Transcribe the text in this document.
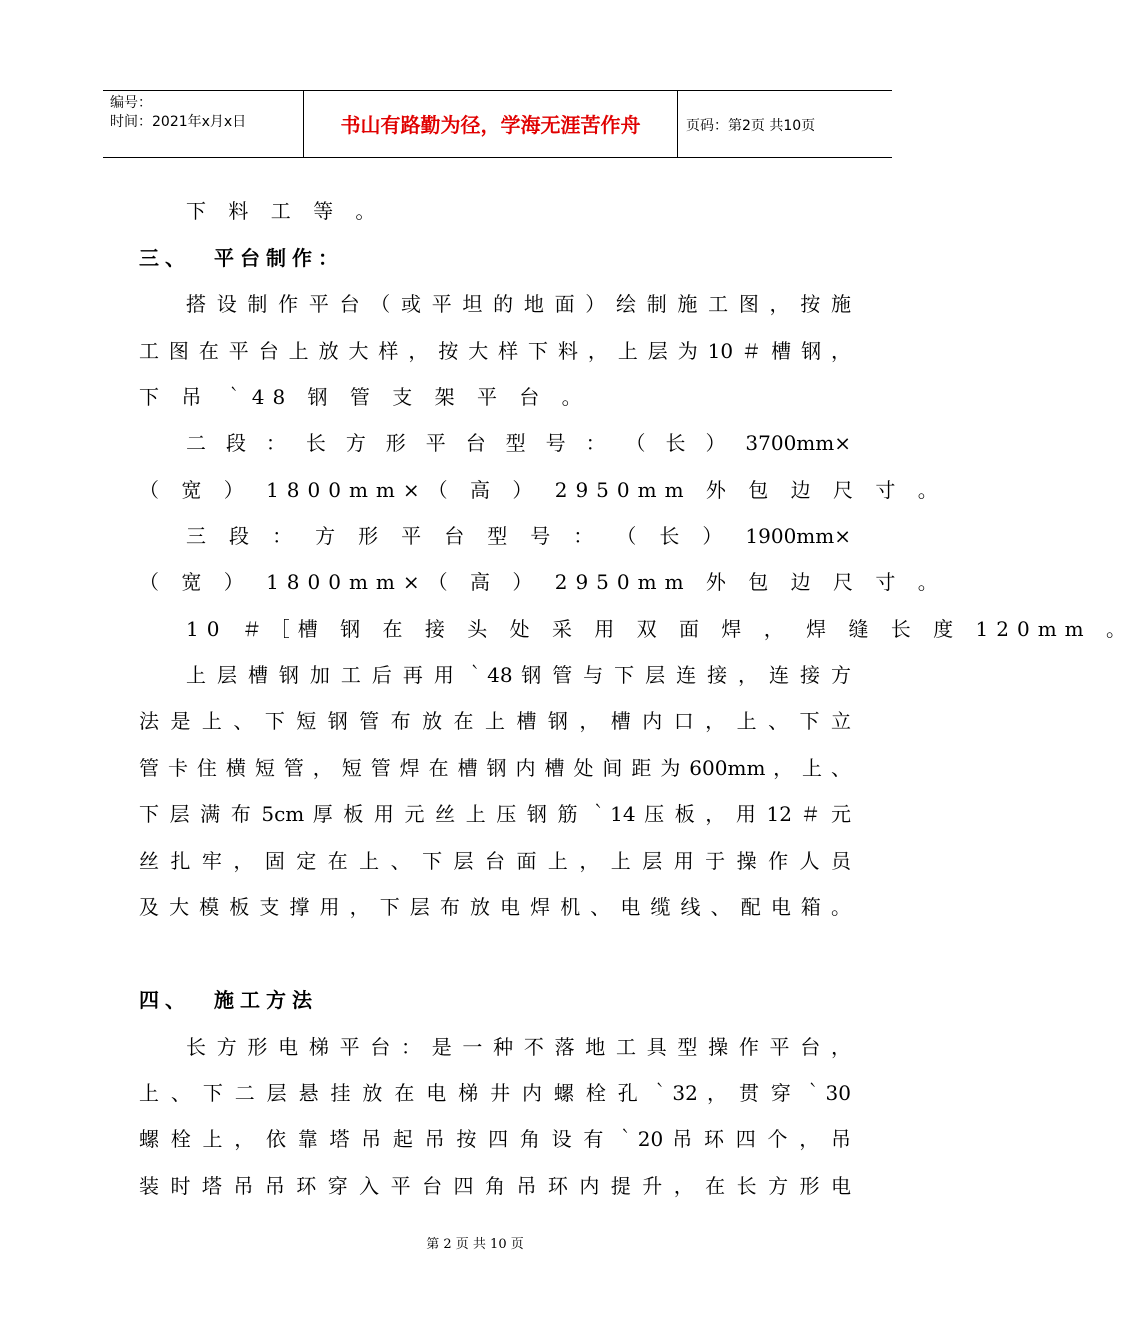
编号：
时间：2021年x月x日	书山有路勤为径，学海无涯苦作舟	页码：第2页 共10页
下 料 工 等 。
三、 平台制作：
搭 设 制 作 平 台 （ 或 平 坦 的 地 面 ） 绘 制 施 工 图 ， 按 施
工 图 在 平 台 上 放 大 样 ， 按 大 样 下 料 ， 上 层 为 10 ＃ 槽 钢 ，
下 吊 ｀48 钢 管 支 架 平 台 。
二 段 ： 长 方 形 平 台 型 号 ： （ 长 ） 3700mm×
（ 宽 ） 1800mm×（ 高 ） 2950mm 外 包 边 尺 寸 。
三 段 ： 方 形 平 台 型 号 ： （ 长 ） 1900mm×
（ 宽 ） 1800mm×（ 高 ） 2950mm 外 包 边 尺 寸 。
10 ＃［槽 钢 在 接 头 处 采 用 双 面 焊 ， 焊 缝 长 度 120mm 。
上 层 槽 钢 加 工 后 再 用 ｀48 钢 管 与 下 层 连 接 ， 连 接 方
法 是 上 、 下 短 钢 管 布 放 在 上 槽 钢 ， 槽 内 口 ， 上 、 下 立
管 卡 住 横 短 管 ， 短 管 焊 在 槽 钢 内 槽 处 间 距 为 600mm ， 上 、
下 层 满 布 5cm 厚 板 用 元 丝 上 压 钢 筋 ｀14 压 板 ， 用 12 ＃ 元
丝 扎 牢 ， 固 定 在 上 、 下 层 台 面 上 ， 上 层 用 于 操 作 人 员
及 大 模 板 支 撑 用 ， 下 层 布 放 电 焊 机 、 电 缆 线 、 配 电 箱 。
四、 施工方法
长 方 形 电 梯 平 台 ： 是 一 种 不 落 地 工 具 型 操 作 平 台 ，
上 、 下 二 层 悬 挂 放 在 电 梯 井 内 螺 栓 孔 ｀32 ， 贯 穿 ｀30
螺 栓 上 ， 依 靠 塔 吊 起 吊 按 四 角 设 有 ｀20 吊 环 四 个 ， 吊
装 时 塔 吊 吊 环 穿 入 平 台 四 角 吊 环 内 提 升 ， 在 长 方 形 电
第 2 页 共 10 页
